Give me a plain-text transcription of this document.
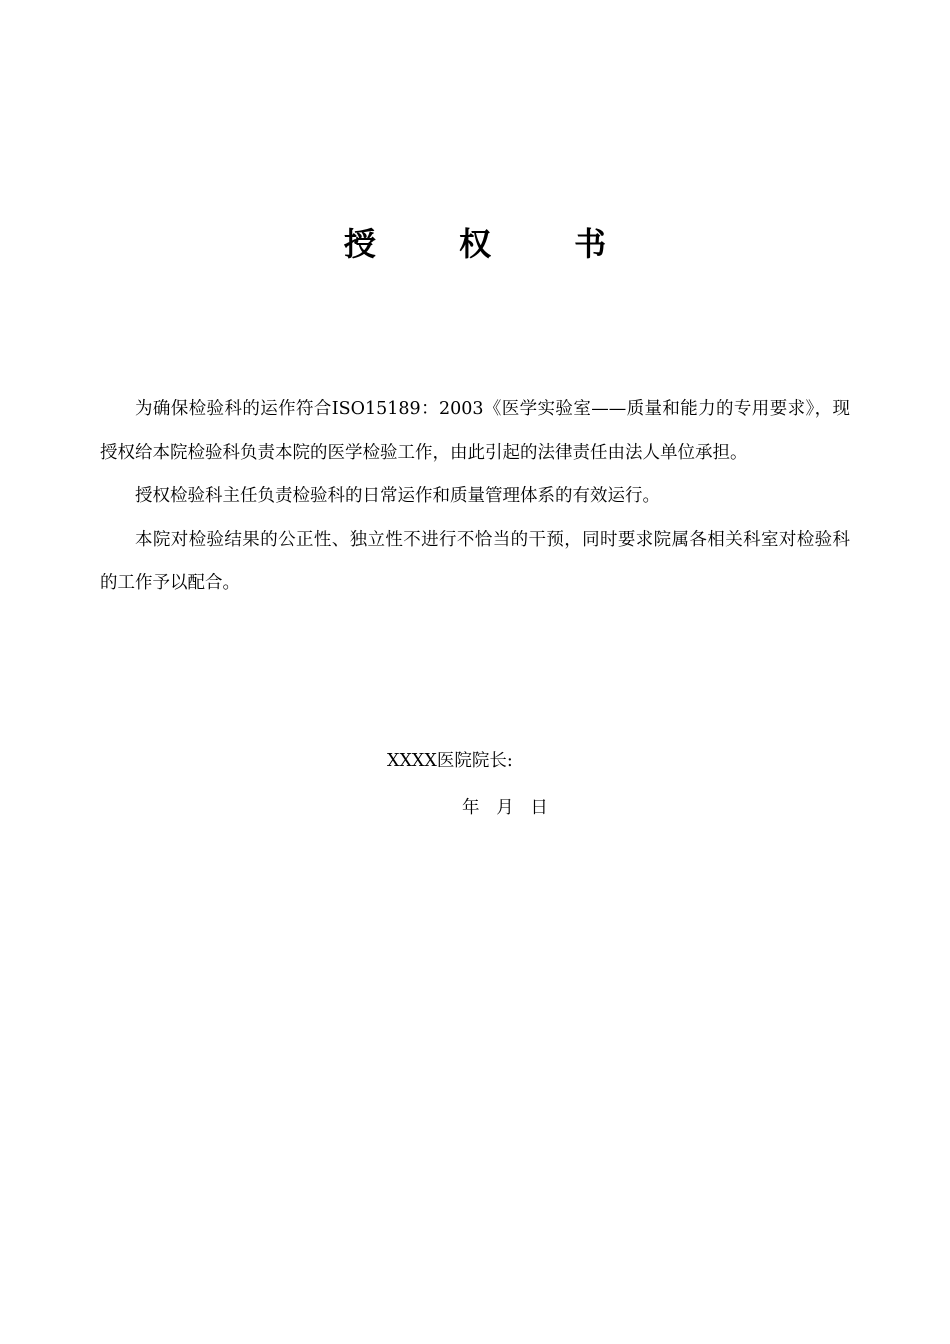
授 权 书

为确保检验科的运作符合ISO15189：2003《医学实验室——质量和能力的专用要求》，现授权给本院检验科负责本院的医学检验工作，由此引起的法律责任由法人单位承担。

授权检验科主任负责检验科的日常运作和质量管理体系的有效运行。

本院对检验结果的公正性、独立性不进行不恰当的干预，同时要求院属各相关科室对检验科的工作予以配合。

XXXX医院院长:
年   月   日
